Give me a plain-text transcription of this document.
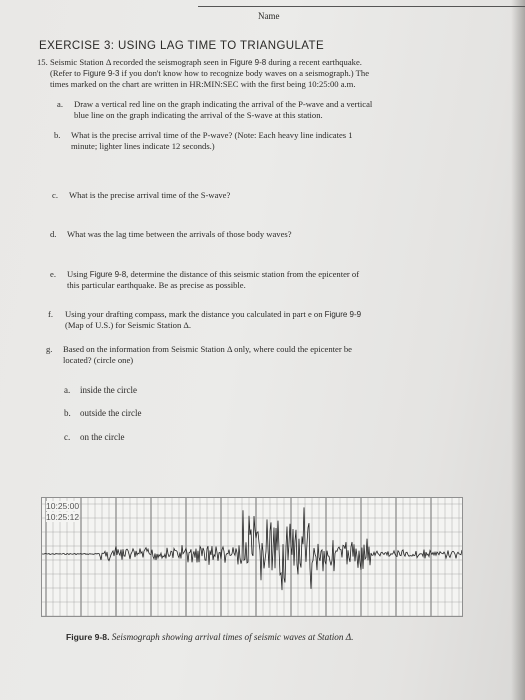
Name
EXERCISE 3: USING LAG TIME TO TRIANGULATE
15. Seismic Station Δ recorded the seismograph seen in Figure 9-8 during a recent earthquake.
(Refer to Figure 9-3 if you don't know how to recognize body waves on a seismograph.) The
times marked on the chart are written in HR:MIN:SEC with the first being 10:25:00 a.m.
a. Draw a vertical red line on the graph indicating the arrival of the P-wave and a vertical
blue line on the graph indicating the arrival of the S-wave at this station.
b. What is the precise arrival time of the P-wave? (Note: Each heavy line indicates 1
minute; lighter lines indicate 12 seconds.)
c. What is the precise arrival time of the S-wave?
d. What was the lag time between the arrivals of those body waves?
e. Using Figure 9-8, determine the distance of this seismic station from the epicenter of
this particular earthquake. Be as precise as possible.
f. Using your drafting compass, mark the distance you calculated in part e on Figure 9-9
(Map of U.S.) for Seismic Station Δ.
g. Based on the information from Seismic Station Δ only, where could the epicenter be
located? (circle one)
a. inside the circle
b. outside the circle
c. on the circle
10:25:00
10:25:12
Figure 9-8. Seismograph showing arrival times of seismic waves at Station Δ.
